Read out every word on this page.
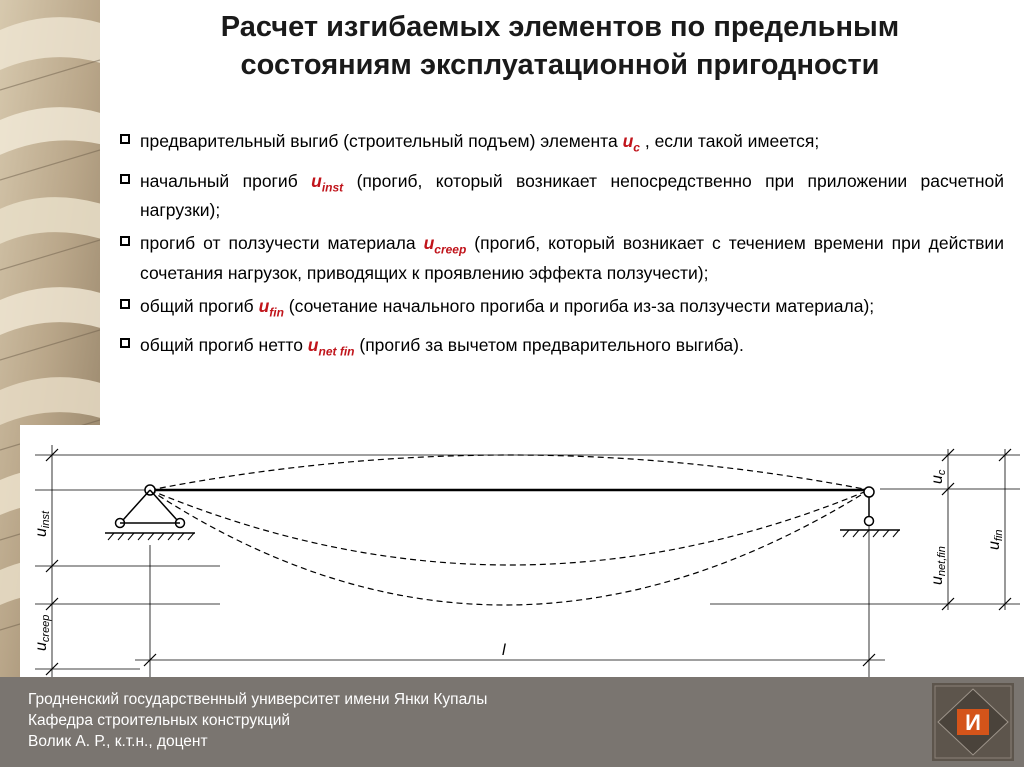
Расчет изгибаемых элементов по предельным
состояниям эксплуатационной пригодности
предварительный выгиб (строительный подъем) элемента $u_c$ , если такой имеется;
начальный прогиб $u_{inst}$ (прогиб, который возникает непосредственно при приложении расчетной нагрузки);
прогиб от ползучести материала $u_{creep}$ (прогиб, который возникает с течением времени при действии сочетания нагрузок, приводящих к проявлению эффекта ползучести);
общий прогиб $u_{fin}$ (сочетание начального прогиба и прогиба из-за ползучести материала);
общий прогиб нетто $u_{net fin}$ (прогиб за вычетом предварительного выгиба).
uinst
ucreep
uc
unet,fin
ufin
l
Гродненский государственный университет имени Янки Купалы
Кафедра строительных конструкций
Волик А. Р., к.т.н., доцент
И
